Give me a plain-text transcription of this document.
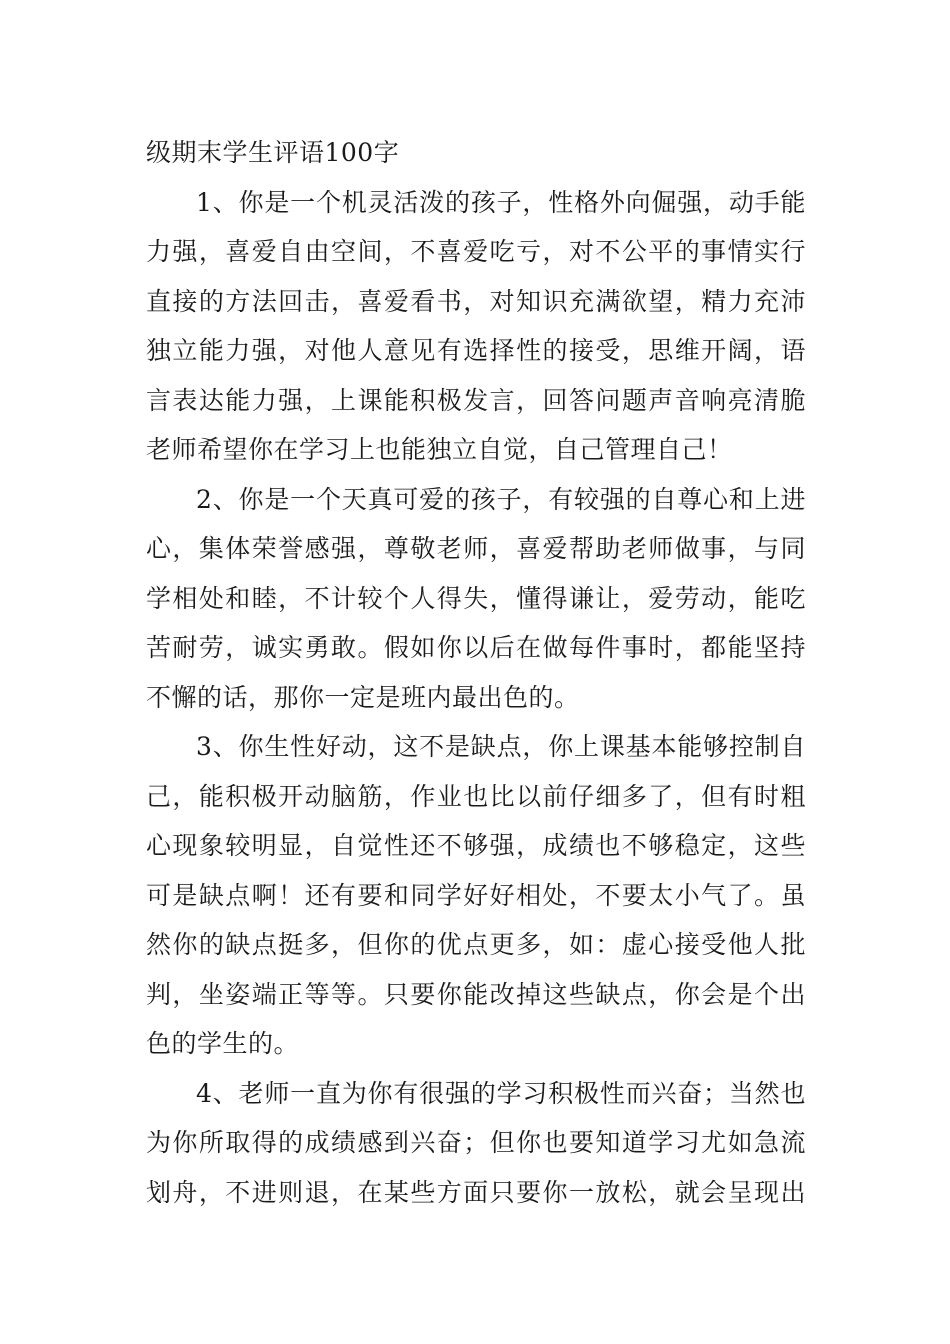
级期末学生评语100字
1、你是一个机灵活泼的孩子，性格外向倔强，动手能
力强，喜爱自由空间，不喜爱吃亏，对不公平的事情实行
直接的方法回击，喜爱看书，对知识充满欲望，精力充沛
独立能力强，对他人意见有选择性的接受，思维开阔，语
言表达能力强，上课能积极发言，回答问题声音响亮清脆
老师希望你在学习上也能独立自觉，自己管理自己！
2、你是一个天真可爱的孩子，有较强的自尊心和上进
心，集体荣誉感强，尊敬老师，喜爱帮助老师做事，与同
学相处和睦，不计较个人得失，懂得谦让，爱劳动，能吃
苦耐劳，诚实勇敢。假如你以后在做每件事时，都能坚持
不懈的话，那你一定是班内最出色的。
3、你生性好动，这不是缺点，你上课基本能够控制自
己，能积极开动脑筋，作业也比以前仔细多了，但有时粗
心现象较明显，自觉性还不够强，成绩也不够稳定，这些
可是缺点啊！还有要和同学好好相处，不要太小气了。虽
然你的缺点挺多，但你的优点更多，如：虚心接受他人批
判，坐姿端正等等。只要你能改掉这些缺点，你会是个出
色的学生的。
4、老师一直为你有很强的学习积极性而兴奋；当然也
为你所取得的成绩感到兴奋；但你也要知道学习尤如急流
划舟，不进则退，在某些方面只要你一放松，就会呈现出
